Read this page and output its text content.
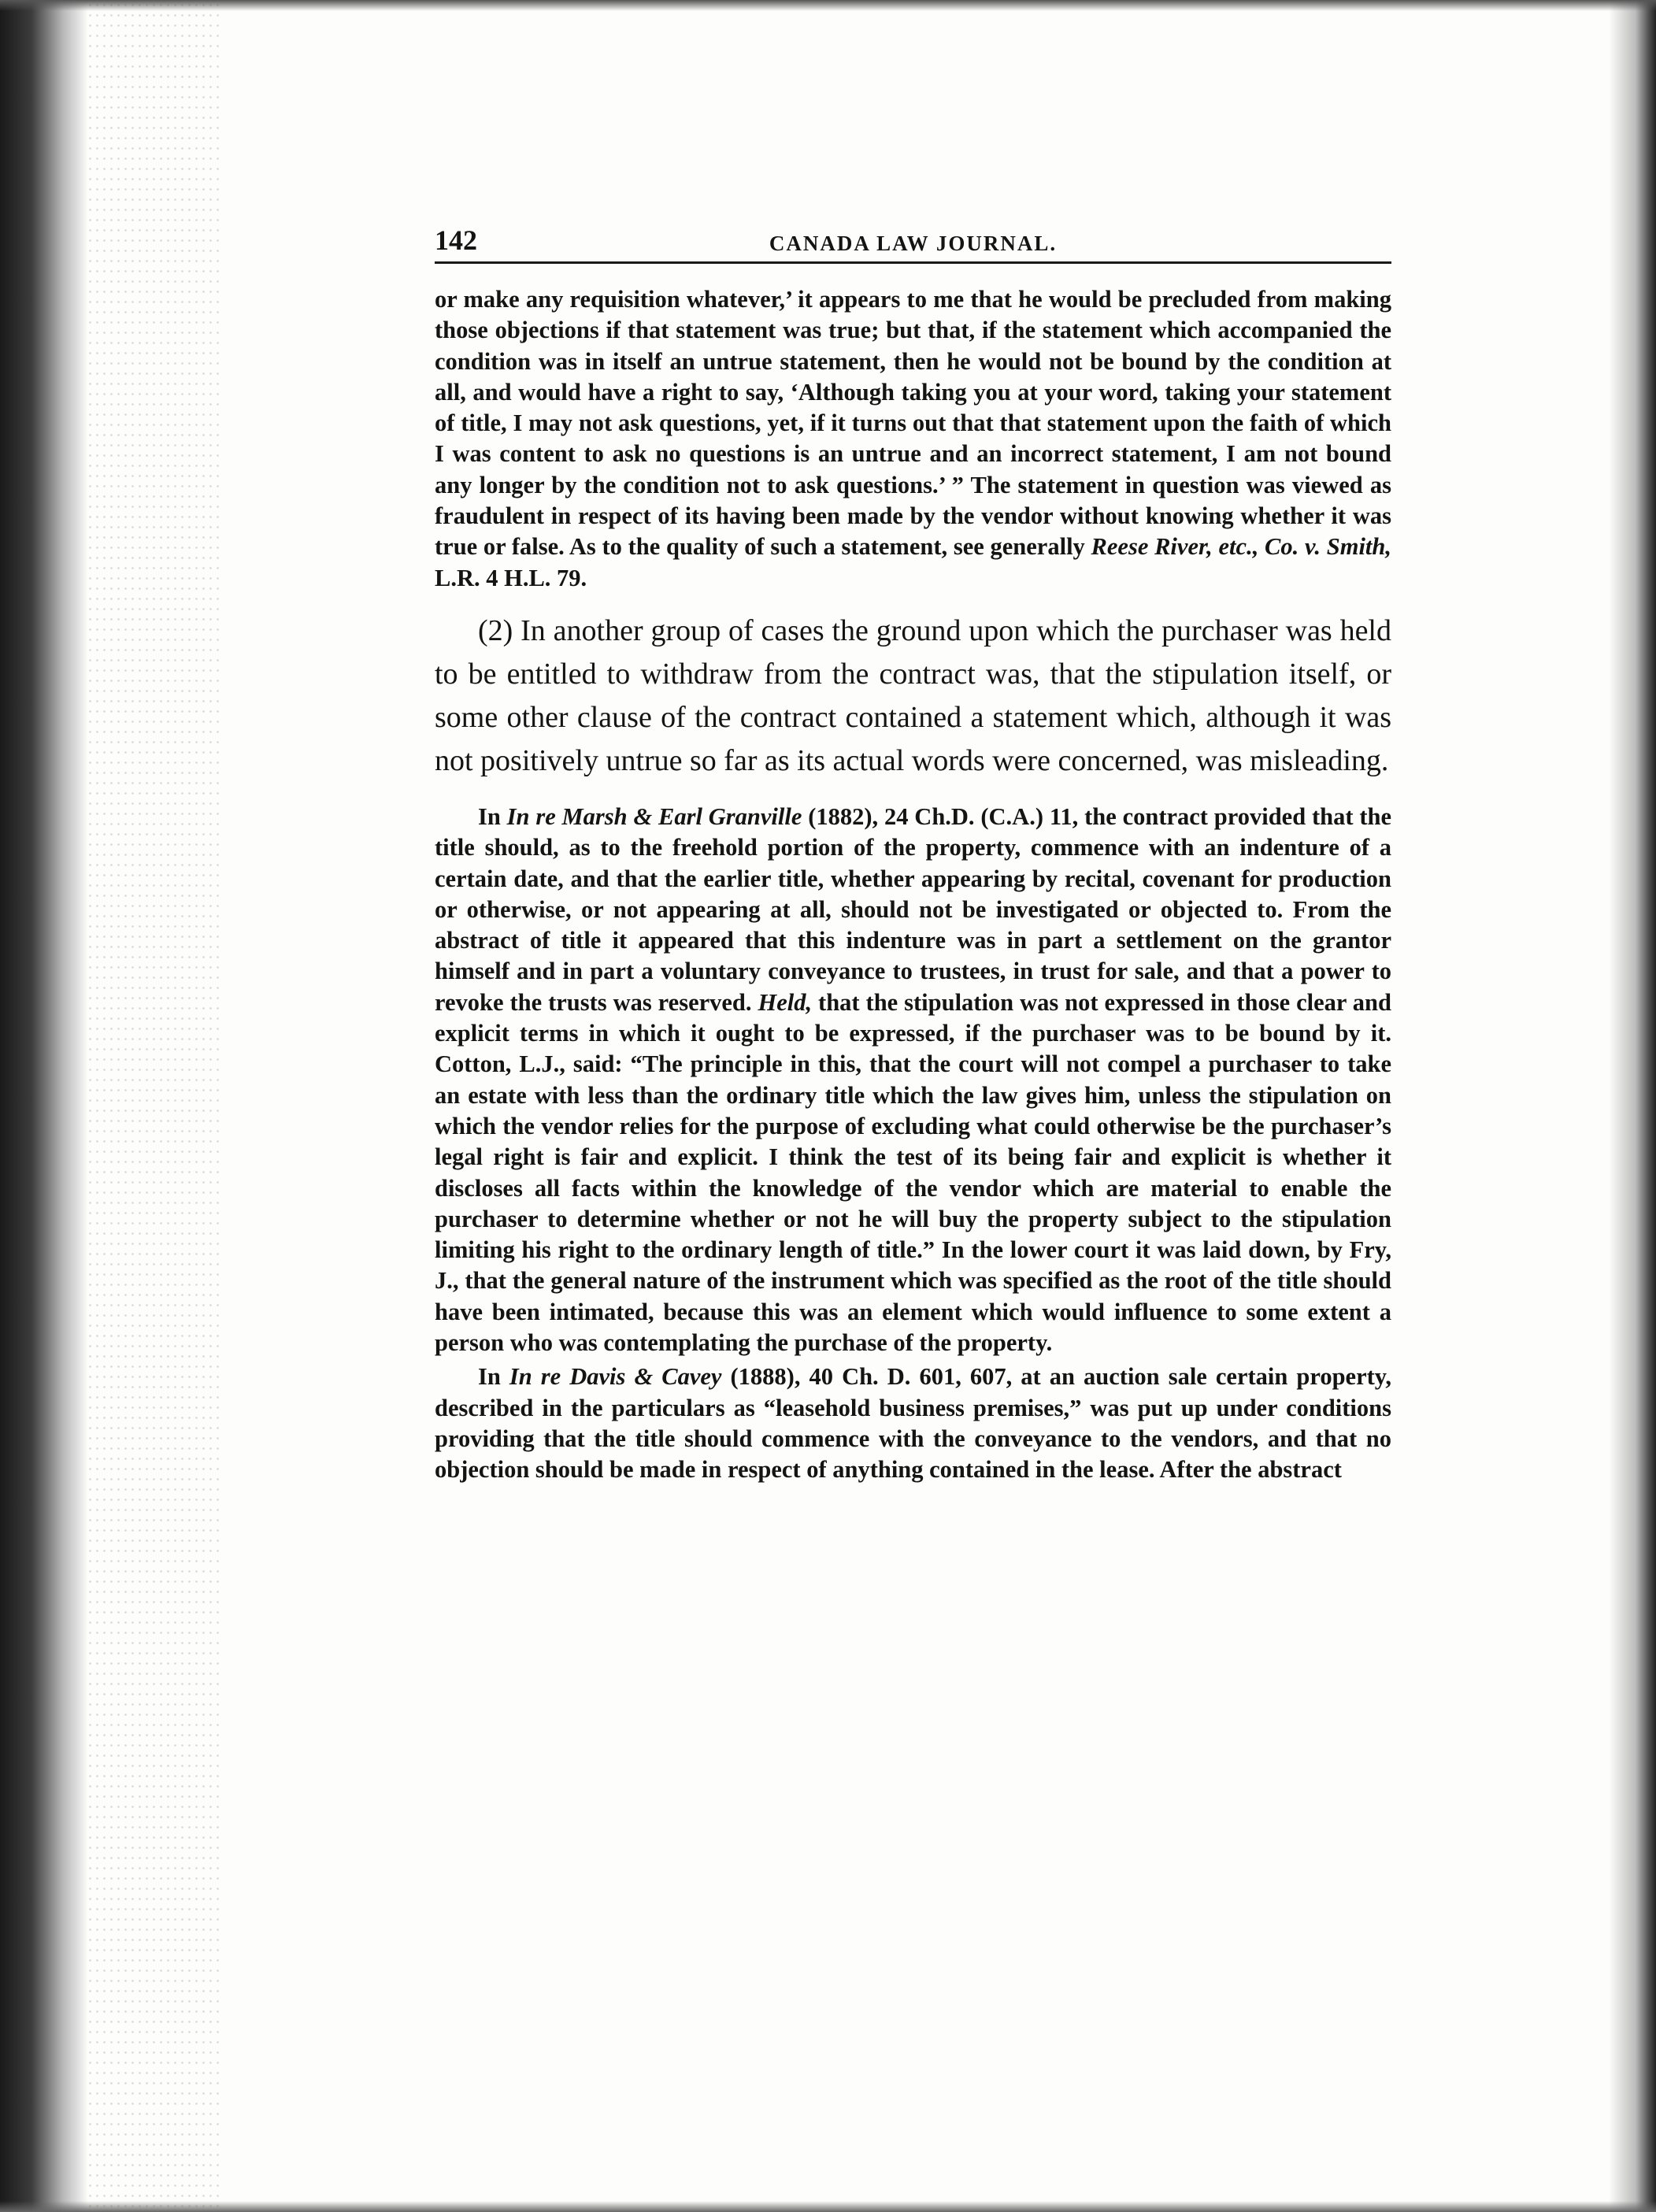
142	CANADA LAW JOURNAL.

or make any requisition whatever,’ it appears to me that he would be precluded from making those objections if that statement was true; but that, if the statement which accompanied the condition was in itself an untrue statement, then he would not be bound by the condition at all, and would have a right to say, ‘Although taking you at your word, taking your statement of title, I may not ask questions, yet, if it turns out that that statement upon the faith of which I was content to ask no questions is an untrue and an incorrect statement, I am not bound any longer by the condition not to ask questions.’ ” The statement in question was viewed as fraudulent in respect of its having been made by the vendor without knowing whether it was true or false. As to the quality of such a statement, see generally Reese River, etc., Co. v. Smith, L.R. 4 H.L. 79.

(2) In another group of cases the ground upon which the purchaser was held to be entitled to withdraw from the contract was, that the stipulation itself, or some other clause of the contract contained a statement which, although it was not positively untrue so far as its actual words were concerned, was misleading.

In In re Marsh & Earl Granville (1882), 24 Ch.D. (C.A.) 11, the contract provided that the title should, as to the freehold portion of the property, commence with an indenture of a certain date, and that the earlier title, whether appearing by recital, covenant for production or otherwise, or not appearing at all, should not be investigated or objected to. From the abstract of title it appeared that this indenture was in part a settlement on the grantor himself and in part a voluntary conveyance to trustees, in trust for sale, and that a power to revoke the trusts was reserved. Held, that the stipulation was not expressed in those clear and explicit terms in which it ought to be expressed, if the purchaser was to be bound by it. Cotton, L.J., said: “The principle in this, that the court will not compel a purchaser to take an estate with less than the ordinary title which the law gives him, unless the stipulation on which the vendor relies for the purpose of excluding what could otherwise be the purchaser’s legal right is fair and explicit. I think the test of its being fair and explicit is whether it discloses all facts within the knowledge of the vendor which are material to enable the purchaser to determine whether or not he will buy the property subject to the stipulation limiting his right to the ordinary length of title.” In the lower court it was laid down, by Fry, J., that the general nature of the instrument which was specified as the root of the title should have been intimated, because this was an element which would influence to some extent a person who was contemplating the purchase of the property.

In In re Davis & Cavey (1888), 40 Ch. D. 601, 607, at an auction sale certain property, described in the particulars as “leasehold business premises,” was put up under conditions providing that the title should commence with the conveyance to the vendors, and that no objection should be made in respect of anything contained in the lease. After the abstract
